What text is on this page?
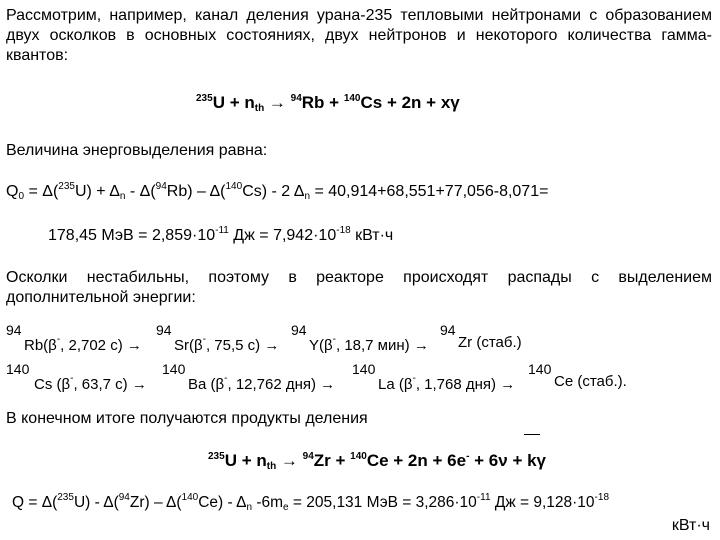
Рассмотрим, например, канал деления урана-235 тепловыми нейтронами с образованием двух осколков в основных состояниях, двух нейтронов и некоторого количества гамма-квантов:
$^{235}U + n_{th} \to ^{94}Rb + ^{140}Cs + 2n + x\gamma$
Величина энерговыделения равна:
$Q_0 = \Delta(^{235}U) + \Delta_n - \Delta(^{94}Rb) - \Delta(^{140}Cs) - 2$ $\Delta_n = 40,914+68,551+77,056-8,071=$
178,45 МэВ = $2,859\cdot 10^{-11}$ Дж = $7,942\cdot 10^{-18}$ кВт·ч
Осколки нестабильны, поэтому в реакторе происходят распады с выделением дополнительной энергии:
94
Rb(β-, 2,702 с) →
94
Sr(β-, 75,5 с) →
94
Y(β-, 18,7 мин) →
94
Zr (стаб.)
140
Cs (β-, 63,7 с) →
140
Ba (β-, 12,762 дня) →
140
La (β-, 1,768 дня) →
140
Ce (стаб.).
В конечном итоге получаются продукты деления
$^{235}U + n_{th} \to ^{94}Zr + ^{140}Ce + 2n + 6e^- + 6\nu + k\gamma$
$Q = \Delta(^{235}U) - \Delta(^{94}Zr) - \Delta(^{140}Ce) - \Delta_n$ $-6m_e = 205,131$ МэВ = $3,286\cdot 10^{-11}$ Дж = $9,128\cdot 10^{-18}$
кВт·ч
